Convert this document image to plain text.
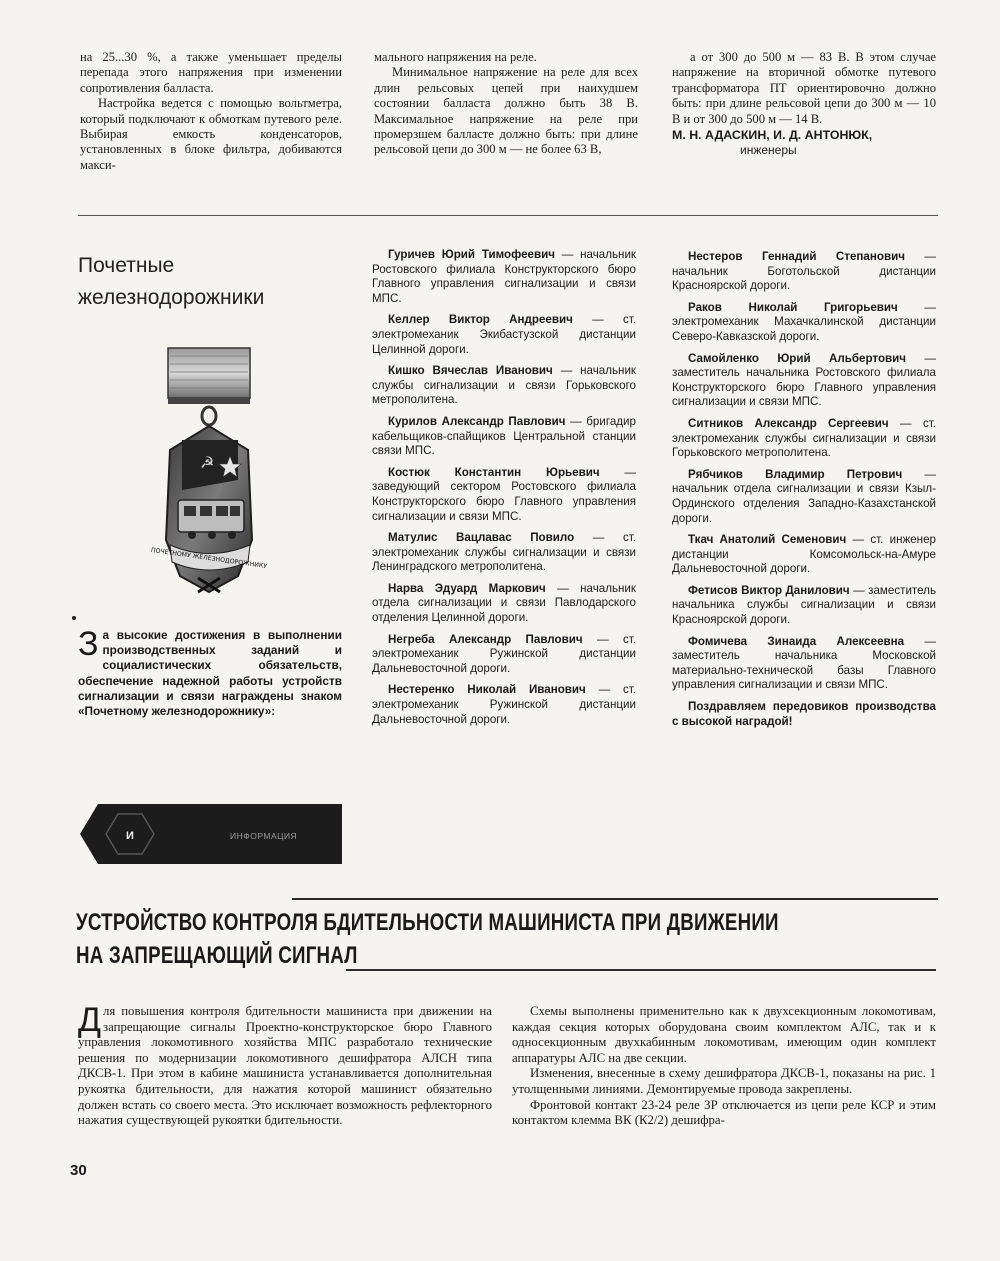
на 25...30 %, а также уменьшает пределы перепада этого напряжения при изменении сопротивления балласта.

Настройка ведется с помощью вольтметра, который подключают к обмоткам путевого реле. Выбирая емкость конденсаторов, установленных в блоке фильтра, добиваются макси-

мального напряжения на реле.

Минимальное напряжение на реле для всех длин рельсовых цепей при наихудшем состоянии балласта должно быть 38 В. Максимальное напряжение на реле при промерзшем балласте должно быть: при длине рельсовой цепи до 300 м — не более 63 В,

а от 300 до 500 м — 83 В. В этом случае напряжение на вторичной обмотке путевого трансформатора ПТ ориентировочно должно быть: при длине рельсовой цепи до 300 м — 10 В и от 300 до 500 м — 14 В.

М. Н. АДАСКИН, И. Д. АНТОНЮК,
инженеры
Почетные
железнодорожники
☭
ПОЧЕТНОМУ ЖЕЛЕЗНОДОРОЖНИКУ
З а высокие достижения в выполнении производственных заданий и социалистических обязательств, обеспечение надежной работы устройств сигнализации и связи награждены знаком «Почетному железнодорожнику»:

Гуричев Юрий Тимофеевич — начальник Ростовского филиала Конструкторского бюро Главного управления сигнализации и связи МПС.

Келлер Виктор Андреевич — ст. электромеханик Экибастузской дистанции Целинной дороги.

Кишко Вячеслав Иванович — начальник службы сигнализации и связи Горьковского метрополитена.

Курилов Александр Павлович — бригадир кабельщиков-спайщиков Центральной станции связи МПС.

Костюк Константин Юрьевич — заведующий сектором Ростовского филиала Конструкторского бюро Главного управления сигнализации и связи МПС.

Матулис Вацлавас Повило — ст. электромеханик службы сигнализации и связи Ленинградского метрополитена.

Нарва Эдуард Маркович — начальник отдела сигнализации и связи Павлодарского отделения Целинной дороги.

Негреба Александр Павлович — ст. электромеханик Ружинской дистанции Дальневосточной дороги.

Нестеренко Николай Иванович — ст. электромеханик Ружинской дистанции Дальневосточной дороги.

Нестеров Геннадий Степанович — начальник Боготольской дистанции Красноярской дороги.

Раков Николай Григорьевич — электромеханик Махачкалинской дистанции Северо-Кавказской дороги.

Самойленко Юрий Альбертович — заместитель начальника Ростовского филиала Конструкторского бюро Главного управления сигнализации и связи МПС.

Ситников Александр Сергеевич — ст. электромеханик службы сигнализации и связи Горьковского метрополитена.

Рябчиков Владимир Петрович — начальник отдела сигнализации и связи Кзыл-Ординского отделения Западно-Казахстанской дороги.

Ткач Анатолий Семенович — ст. инженер дистанции Комсомольск-на-Амуре Дальневосточной дороги.

Фетисов Виктор Данилович — заместитель начальника службы сигнализации и связи Красноярской дороги.

Фомичева Зинаида Алексеевна — заместитель начальника Московской материально-технической базы Главного управления сигнализации и связи МПС.

Поздравляем передовиков производства с высокой наградой!

И	ИНФОРМАЦИЯ
УСТРОЙСТВО КОНТРОЛЯ БДИТЕЛЬНОСТИ МАШИНИСТА ПРИ ДВИЖЕНИИ
НА ЗАПРЕЩАЮЩИЙ СИГНАЛ
Д ля повышения контроля бдительности машиниста при движении на запрещающие сигналы Проектно-конструкторское бюро Главного управления локомотивного хозяйства МПС разработало технические решения по модернизации локомотивного дешифратора АЛСН типа ДКСВ-1. При этом в кабине машиниста устанавливается дополнительная рукоятка бдительности, для нажатия которой машинист обязательно должен встать со своего места. Это исключает возможность рефлекторного нажатия существующей рукоятки бдительности.

Схемы выполнены применительно как к двухсекционным локомотивам, каждая секция которых оборудована своим комплектом АЛС, так и к односекционным двухкабинным локомотивам, имеющим один комплект аппаратуры АЛС на две секции.

Изменения, внесенные в схему дешифратора ДКСВ-1, показаны на рис. 1 утолщенными линиями. Демонтируемые провода закреплены.

Фронтовой контакт 23-24 реле ЗР отключается из цепи реле КСР и этим контактом клемма ВК (К2/2) дешифра-

30
